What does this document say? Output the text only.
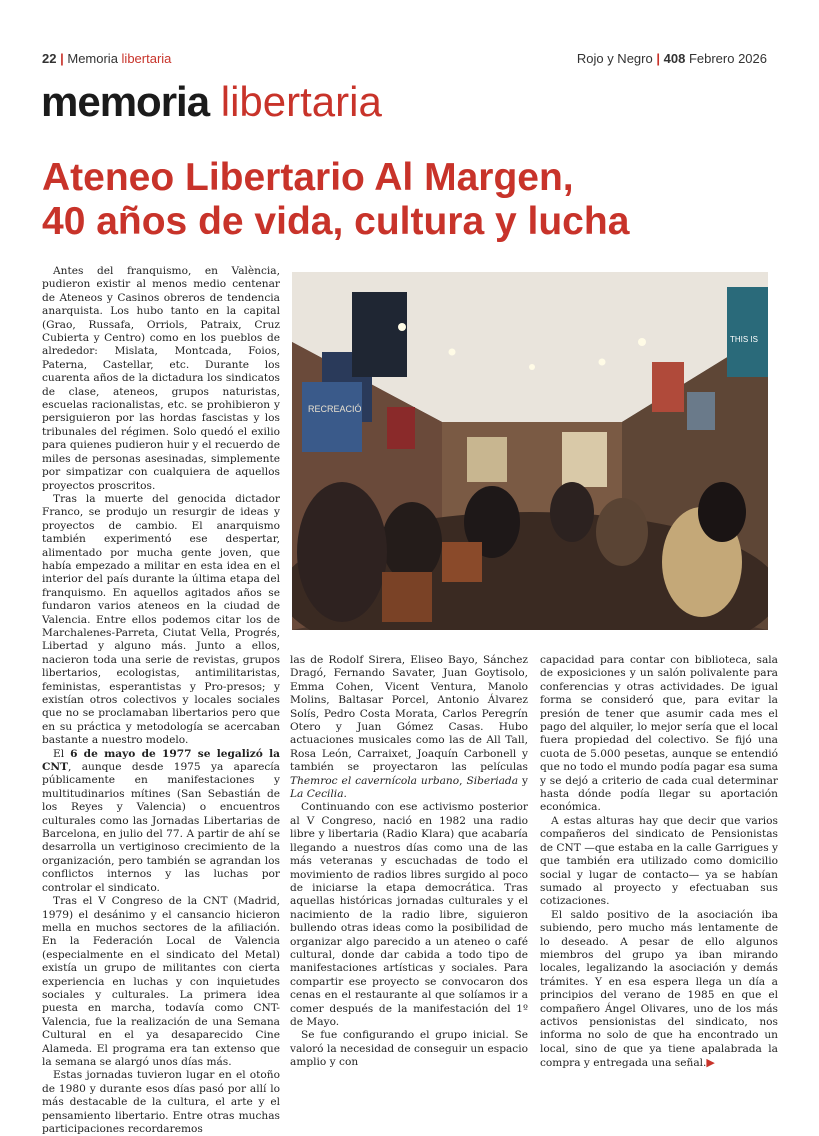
22 | Memoria libertaria	Rojo y Negro | 408 Febrero 2026
memoria libertaria
Ateneo Libertario Al Margen,
40 años de vida, cultura y lucha

Antes del franquismo, en València, pudieron existir al menos medio centenar de Ateneos y Casinos obreros de tendencia anarquista. Los hubo tanto en la capital (Grao, Russafa, Orriols, Patraix, Cruz Cubierta y Centro) como en los pueblos de alrededor: Mislata, Montcada, Foios, Paterna, Castellar, etc. Durante los cuarenta años de la dictadura los sindicatos de clase, ateneos, grupos naturistas, escuelas racionalistas, etc. se prohibieron y persiguieron por las hordas fascistas y los tribunales del régimen. Solo quedó el exilio para quienes pudieron huir y el recuerdo de miles de personas asesinadas, simplemente por simpatizar con cualquiera de aquellos proyectos proscritos.

Tras la muerte del genocida dictador Franco, se produjo un resurgir de ideas y proyectos de cambio. El anarquismo también experimentó ese despertar, alimentado por mucha gente joven, que había empezado a militar en esta idea en el interior del país durante la última etapa del franquismo. En aquellos agitados años se fundaron varios ateneos en la ciudad de Valencia. Entre ellos podemos citar los de Marchalenes-Parreta, Ciutat Vella, Progrés, Libertad y alguno más. Junto a ellos, nacieron toda una serie de revistas, grupos libertarios, ecologistas, antimilitaristas, feministas, esperantistas y Pro-presos; y existían otros colectivos y locales sociales que no se proclamaban libertarios pero que en su práctica y metodología se acercaban bastante a nuestro modelo.

El 6 de mayo de 1977 se legalizó la CNT, aunque desde 1975 ya aparecía públicamente en manifestaciones y multitudinarios mítines (San Sebastián de los Reyes y Valencia) o encuentros culturales como las Jornadas Libertarias de Barcelona, en julio del 77. A partir de ahí se desarrolla un vertiginoso crecimiento de la organización, pero también se agrandan los conflictos internos y las luchas por controlar el sindicato.

Tras el V Congreso de la CNT (Madrid, 1979) el desánimo y el cansancio hicieron mella en muchos sectores de la afiliación. En la Federación Local de Valencia (especialmente en el sindicato del Metal) existía un grupo de militantes con cierta experiencia en luchas y con inquietudes sociales y culturales. La primera idea puesta en marcha, todavía como CNT-Valencia, fue la realización de una Semana Cultural en el ya desaparecido Cine Alameda. El programa era tan extenso que la semana se alargó unos días más.

Estas jornadas tuvieron lugar en el otoño de 1980 y durante esos días pasó por allí lo más destacable de la cultura, el arte y el pensamiento libertario. Entre otras muchas participaciones recordaremos

RECREACIÓ
THIS IS

las de Rodolf Sirera, Eliseo Bayo, Sánchez Dragó, Fernando Savater, Juan Goytisolo, Emma Cohen, Vicent Ventura, Manolo Molins, Baltasar Porcel, Antonio Álvarez Solís, Pedro Costa Morata, Carlos Peregrín Otero y Juan Gómez Casas. Hubo actuaciones musicales como las de All Tall, Rosa León, Carraixet, Joaquín Carbonell y también se proyectaron las películas Themroc el cavernícola urbano, Siberiada y La Cecilia.

Continuando con ese activismo posterior al V Congreso, nació en 1982 una radio libre y libertaria (Radio Klara) que acabaría llegando a nuestros días como una de las más veteranas y escuchadas de todo el movimiento de radios libres surgido al poco de iniciarse la etapa democrática. Tras aquellas históricas jornadas culturales y el nacimiento de la radio libre, siguieron bullendo otras ideas como la posibilidad de organizar algo parecido a un ateneo o café cultural, donde dar cabida a todo tipo de manifestaciones artísticas y sociales. Para compartir ese proyecto se convocaron dos cenas en el restaurante al que solíamos ir a comer después de la manifestación del 1º de Mayo.

Se fue configurando el grupo inicial. Se valoró la necesidad de conseguir un espacio amplio y con

capacidad para contar con biblioteca, sala de exposiciones y un salón polivalente para conferencias y otras actividades. De igual forma se consideró que, para evitar la presión de tener que asumir cada mes el pago del alquiler, lo mejor sería que el local fuera propiedad del colectivo. Se fijó una cuota de 5.000 pesetas, aunque se entendió que no todo el mundo podía pagar esa suma y se dejó a criterio de cada cual determinar hasta dónde podía llegar su aportación económica.

A estas alturas hay que decir que varios compañeros del sindicato de Pensionistas de CNT —que estaba en la calle Garrigues y que también era utilizado como domicilio social y lugar de contacto— ya se habían sumado al proyecto y efectuaban sus cotizaciones.

El saldo positivo de la asociación iba subiendo, pero mucho más lentamente de lo deseado. A pesar de ello algunos miembros del grupo ya iban mirando locales, legalizando la asociación y demás trámites. Y en esa espera llega un día a principios del verano de 1985 en que el compañero Ángel Olivares, uno de los más activos pensionistas del sindicato, nos informa no solo de que ha encontrado un local, sino de que ya tiene apalabrada la compra y entregada una señal.▶
